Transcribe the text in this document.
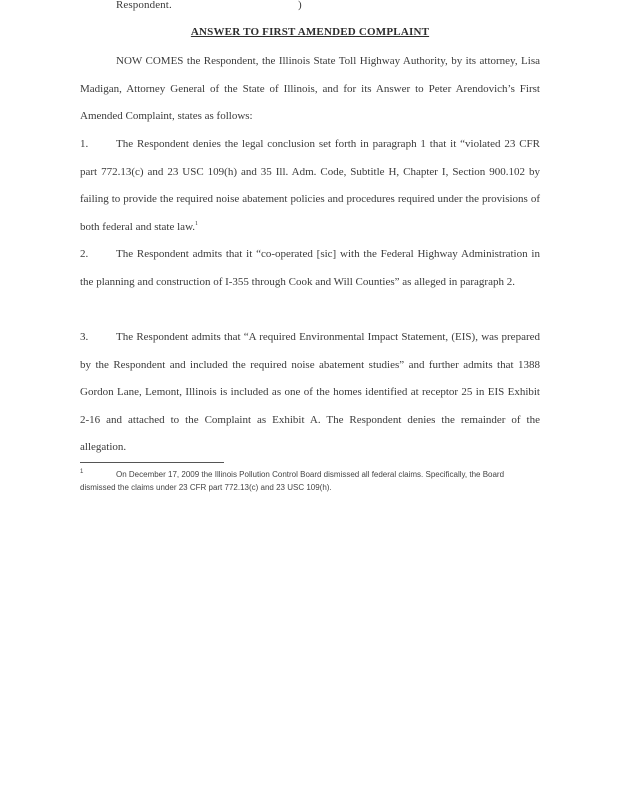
Respondent.	)
ANSWER TO FIRST AMENDED COMPLAINT
NOW COMES the Respondent, the Illinois State Toll Highway Authority, by its attorney, Lisa Madigan, Attorney General of the State of Illinois, and for its Answer to Peter Arendovich’s First Amended Complaint, states as follows:
1.	The Respondent denies the legal conclusion set forth in paragraph 1 that it “violated 23 CFR part 772.13(c) and 23 USC 109(h) and 35 Ill. Adm. Code, Subtitle H, Chapter I, Section 900.102 by failing to provide the required noise abatement policies and procedures required under the provisions of both federal and state law.$^1$
2.	The Respondent admits that it “co-operated [sic] with the Federal Highway Administration in the planning and construction of I-355 through Cook and Will Counties” as alleged in paragraph 2.
3.	The Respondent admits that “A required Environmental Impact Statement, (EIS), was prepared by the Respondent and included the required noise abatement studies” and further admits that 1388 Gordon Lane, Lemont, Illinois is included as one of the homes identified at receptor 25 in EIS Exhibit 2-16 and attached to the Complaint as Exhibit A. The Respondent denies the remainder of the allegation.
1	On December 17, 2009 the Illinois Pollution Control Board dismissed all federal claims. Specifically, the Board dismissed the claims under 23 CFR part 772.13(c) and 23 USC 109(h).
